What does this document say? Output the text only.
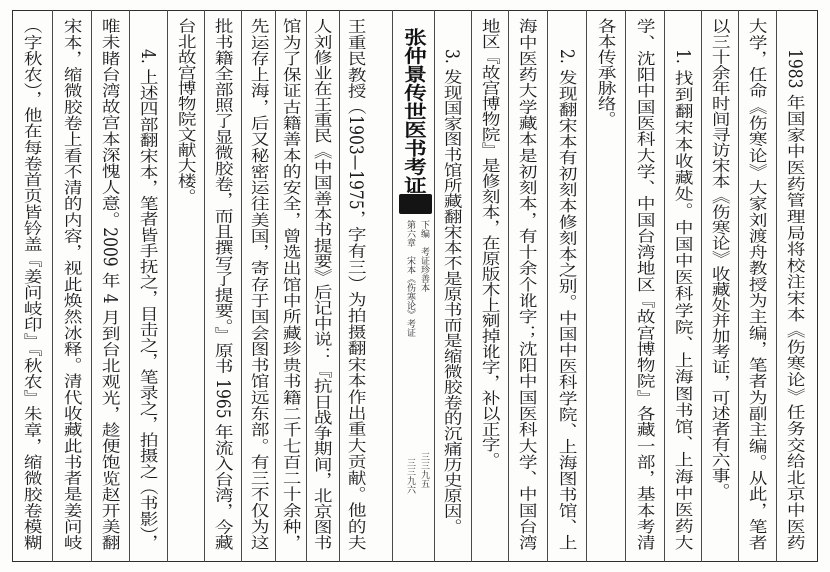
1983 年国家中医药管理局将校注宋本《伤寒论》任务交给北京中医药
大学，任命《伤寒论》大家刘渡舟教授为主编，笔者为副主编。从此，笔者
以三十余年时间寻访宋本《伤寒论》收藏处并加考证，可述者有六事。
1. 找到翻宋本收藏处。中国中医科学院、上海图书馆、上海中医药大
学、沈阳中国医科大学、中国台湾地区『故宫博物院』各藏一部，基本考清
各本传承脉络。
2. 发现翻宋本有初刻本修刻本之别。中国中医科学院、上海图书馆、上
海中医药大学藏本是初刻本，有十余个讹字；沈阳中国医科大学、中国台湾
地区『故宫博物院』是修刻本，在原版木上剜掉讹字，补以正字。
3. 发现国家图书馆所藏翻宋本不是原书而是缩微胶卷的沉痛历史原因。
张仲景传世医书考证
下编　考证珍善本
第六章　宋本《伤寒论》考证
三三九五
三三九六
王重民教授（1903—1975，字有三）为拍摄翻宋本作出重大贡献。他的夫
人刘修业在王重民《中国善本书提要》后记中说：『抗日战争期间，北京图书
馆为了保证古籍善本的安全，曾选出馆中所藏珍贵书籍二千七百二十余种，
先运存上海，后又秘密运往美国，寄存于国会图书馆远东部。有三不仅为这
批书籍全部照了显微胶卷，而且撰写了提要。』原书 1965 年流入台湾，今藏
台北故宫博物院文献大楼。
4. 上述四部翻宋本，笔者皆手抚之，目击之，笔录之，拍摄之（书影），
唯未睹台湾故宫本深愧人意。2009 年 4 月到台北观光，趁便饱览赵开美翻
宋本，缩微胶卷上看不清的内容，视此焕然冰释。清代收藏此书者是姜问岐
（字秋农），他在每卷首页皆钤盖『姜问岐印』『秋农』朱章，缩微胶卷模糊
